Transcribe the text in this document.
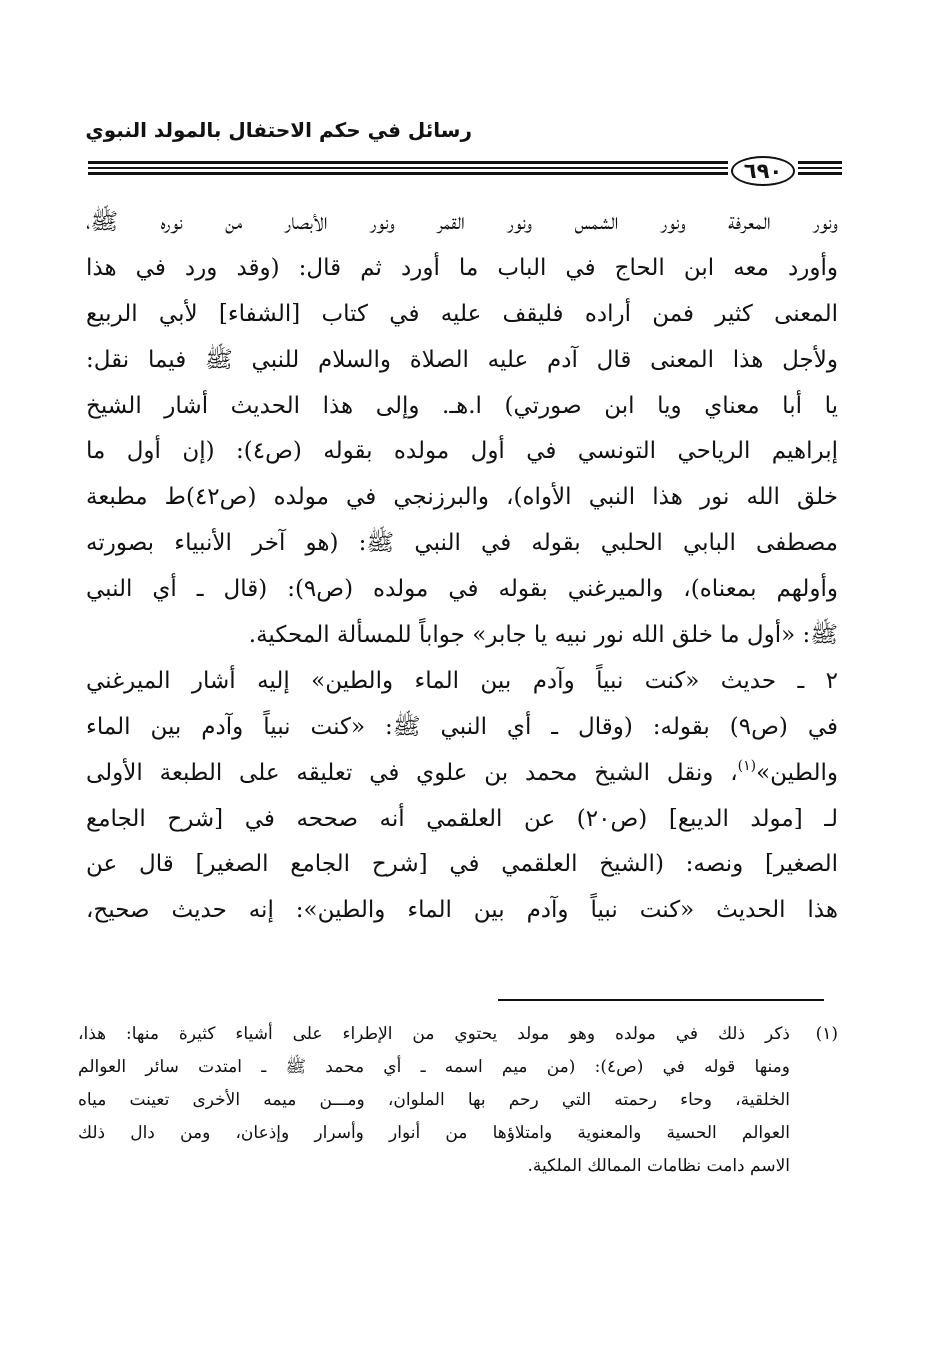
رسائل في حكم الاحتفال بالمولد النبوي
٦٩٠
ونور المعرفة ونور الشمس ونور القمر ونور الأبصار من نوره ﷺ،
وأورد معه ابن الحاج في الباب ما أورد ثم قال: (وقد ورد في هذا
المعنى كثير فمن أراده فليقف عليه في كتاب [الشفاء] لأبي الربيع
ولأجل هذا المعنى قال آدم عليه الصلاة والسلام للنبي ﷺ فيما نقل:
يا أبا معناي ويا ابن صورتي) ا.هـ. وإلى هذا الحديث أشار الشيخ
إبراهيم الرياحي التونسي في أول مولده بقوله (ص٤): (إن أول ما
خلق الله نور هذا النبي الأواه)، والبرزنجي في مولده (ص٤٢)ط مطبعة
مصطفى البابي الحلبي بقوله في النبي ﷺ: (هو آخر الأنبياء بصورته
وأولهم بمعناه)، والميرغني بقوله في مولده (ص٩): (قال ـ أي النبي
ﷺ: «أول ما خلق الله نور نبيه يا جابر» جواباً للمسألة المحكية.
٢ ـ حديث «كنت نبياً وآدم بين الماء والطين» إليه أشار الميرغني
في (ص٩) بقوله: (وقال ـ أي النبي ﷺ: «كنت نبياً وآدم بين الماء
والطين»$^{(١)}$، ونقل الشيخ محمد بن علوي في تعليقه على الطبعة الأولى
لـ [مولد الديبع] (ص٢٠) عن العلقمي أنه صححه في [شرح الجامع
الصغير] ونصه: (الشيخ العلقمي في [شرح الجامع الصغير] قال عن
هذا الحديث «كنت نبياً وآدم بين الماء والطين»: إنه حديث صحيح،
(١)
ذكر ذلك في مولده وهو مولد يحتوي من الإطراء على أشياء كثيرة منها: هذا،
ومنها قوله في (ص٤): (من ميم اسمه ـ أي محمد ﷺ ـ امتدت سائر العوالم
الخلقية، وحاء رحمته التي رحم بها الملوان، ومـــن ميمه الأخرى تعينت مياه
العوالم الحسية والمعنوية وامتلاؤها من أنوار وأسرار وإذعان، ومن دال ذلك
الاسم دامت نظامات الممالك الملكية.
